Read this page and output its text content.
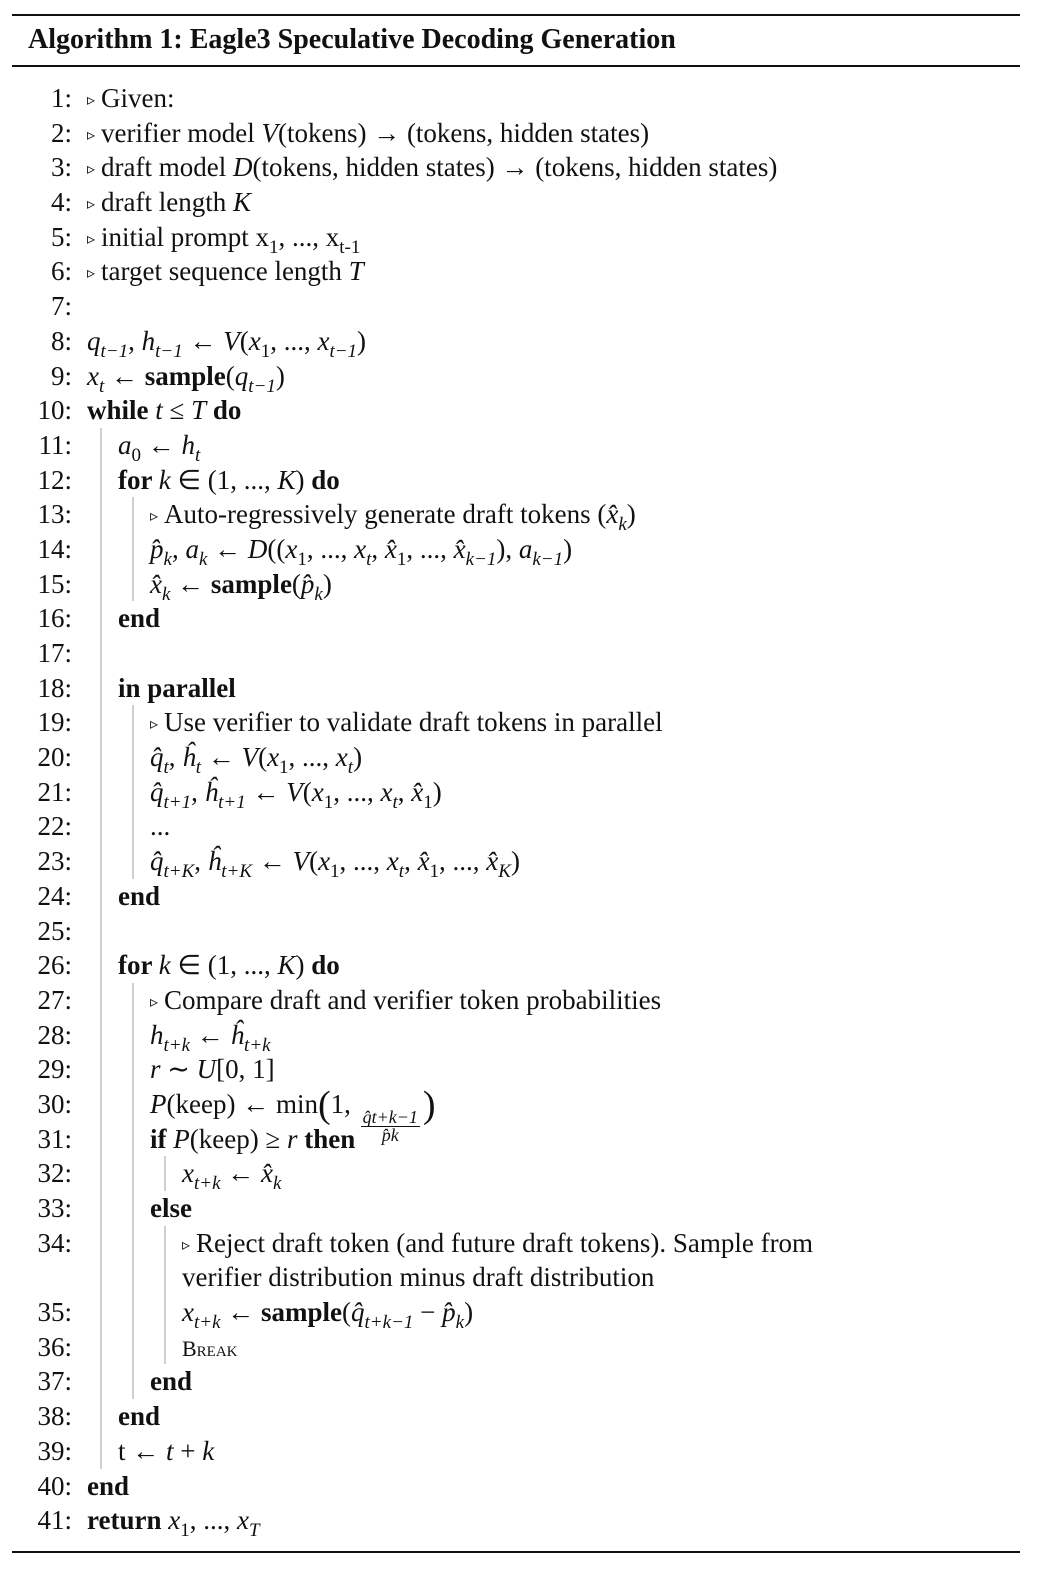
Algorithm 1: Eagle3 Speculative Decoding Generation
1: ▹ Given:
2: ▹ verifier model V(tokens) → (tokens, hidden states)
3: ▹ draft model D(tokens, hidden states) → (tokens, hidden states)
4: ▹ draft length K
5: ▹ initial prompt $x_1$, ..., $x_{t-1}$
6: ▹ target sequence length T
7:
8: $q_{t-1}$, $h_{t-1}$ ← $V(x_1$, ..., $x_{t-1}$)
9: $x_t$ ← $sample(q_{t-1})$
10: while t ≤ T do
11: $a_0$ ← $h_t$
12: for k ∈ (1, ..., K) do
13:	▹ Auto-regressively generate draft tokens $(x̂_k)$
14:	$p̂_k$, $a_k$ ← $D((x_1$, ..., $x_t$, $x̂_1$, ..., $x̂_{k-1}$), $a_{k-1}$)
15:	$x̂_k$ ← $sample(p̂_k)$
16: end
17:
18: in parallel
19:	▹ Use verifier to validate draft tokens in parallel
20:	$q̂_t$, $ĥ_t$ ← $V(x_1$, ..., $x_t$)
21:	$q̂_{t+1}$, $ĥ_{t+1}$ ← $V(x_1$, ..., $x_t$, $x̂_1$)
22:	...
23:	$q̂_{t+K}$, $ĥ_{t+K}$ ← $V(x_1$, ..., $x_t$, $x̂_1$, ..., $x̂_K$)
24: end
25:
26: for k ∈ (1, ..., K) do
27:	▹ Compare draft and verifier token probabilities
28:	$h_{t+k}$ ← $ĥ_{t+k}$
29:	r ∼ U[0, 1]
30:	P(keep) ← min(1,
$\frac{q̂t+k-1}{p̂k}$
)
31:	if P(keep) ≥ r then
32:	$x_{t+k}$ ← $x̂_k$
33:	else
34:	▹ Reject draft token (and future draft tokens). Sample from
verifier distribution minus draft distribution
35:	$x_{t+k}$ ← $sample(q̂_{t+k-1}$ − $p̂_k$)
36:	Break
37:	end
38: end
39: t ← t + k
40: end
41: return $x_1$, ..., $x_T$
